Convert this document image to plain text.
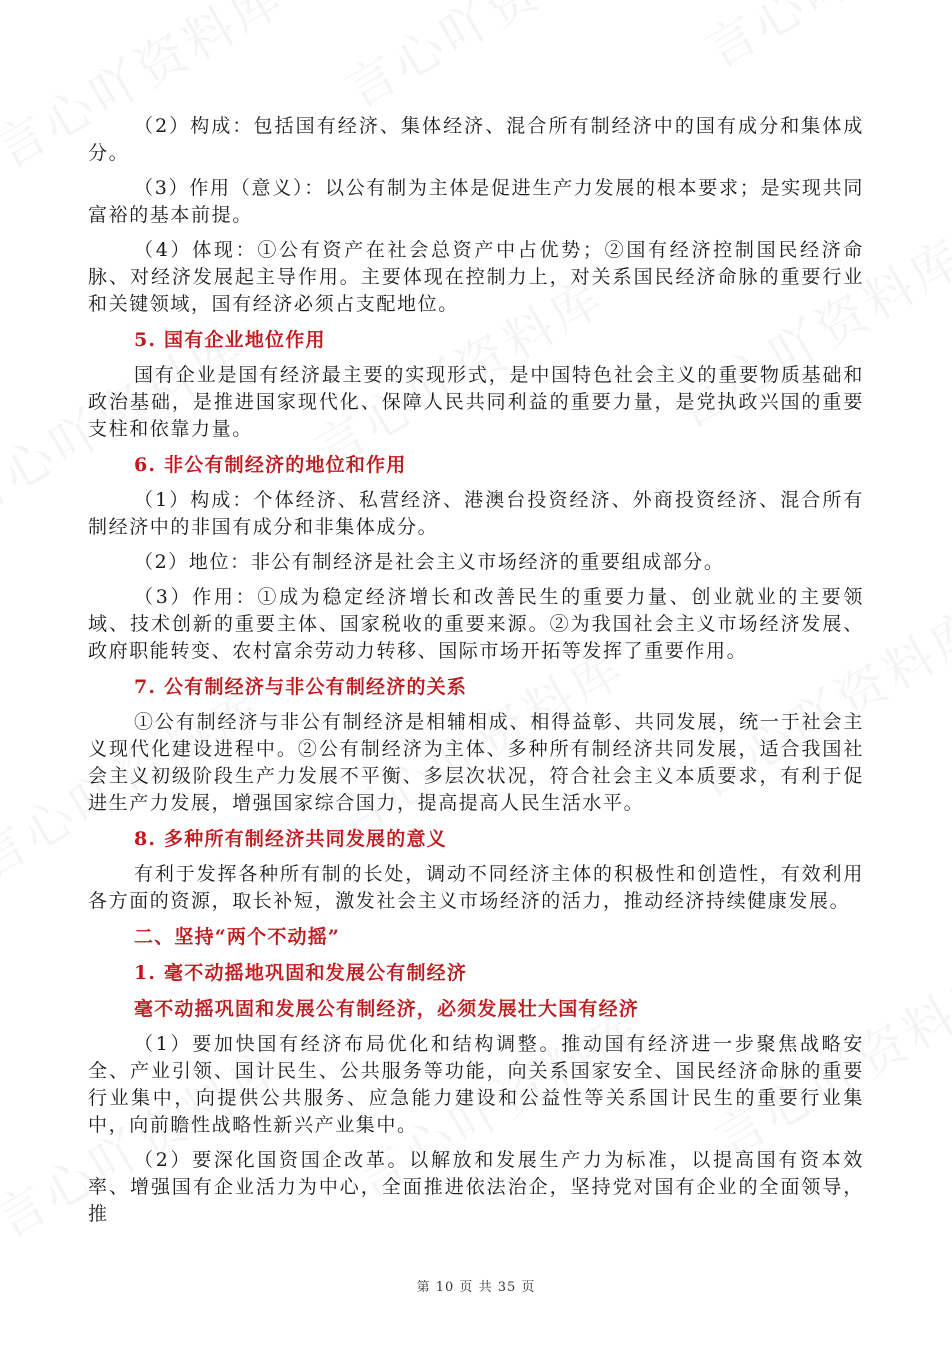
（2）构成：包括国有经济、集体经济、混合所有制经济中的国有成分和集体成分。

（3）作用（意义）：以公有制为主体是促进生产力发展的根本要求；是实现共同富裕的基本前提。

（4）体现：①公有资产在社会总资产中占优势；②国有经济控制国民经济命脉、对经济发展起主导作用。主要体现在控制力上，对关系国民经济命脉的重要行业和关键领域，国有经济必须占支配地位。

5. 国有企业地位作用

国有企业是国有经济最主要的实现形式，是中国特色社会主义的重要物质基础和政治基础，是推进国家现代化、保障人民共同利益的重要力量，是党执政兴国的重要支柱和依靠力量。

6. 非公有制经济的地位和作用

（1）构成：个体经济、私营经济、港澳台投资经济、外商投资经济、混合所有制经济中的非国有成分和非集体成分。

（2）地位：非公有制经济是社会主义市场经济的重要组成部分。

（3）作用：①成为稳定经济增长和改善民生的重要力量、创业就业的主要领域、技术创新的重要主体、国家税收的重要来源。②为我国社会主义市场经济发展、政府职能转变、农村富余劳动力转移、国际市场开拓等发挥了重要作用。

7. 公有制经济与非公有制经济的关系

①公有制经济与非公有制经济是相辅相成、相得益彰、共同发展，统一于社会主义现代化建设进程中。②公有制经济为主体、多种所有制经济共同发展，适合我国社会主义初级阶段生产力发展不平衡、多层次状况，符合社会主义本质要求，有利于促进生产力发展，增强国家综合国力，提高提高人民生活水平。

8. 多种所有制经济共同发展的意义

有利于发挥各种所有制的长处，调动不同经济主体的积极性和创造性，有效利用各方面的资源，取长补短，激发社会主义市场经济的活力，推动经济持续健康发展。

二、坚持“两个不动摇”
1. 毫不动摇地巩固和发展公有制经济
毫不动摇巩固和发展公有制经济，必须发展壮大国有经济

（1）要加快国有经济布局优化和结构调整。推动国有经济进一步聚焦战略安全、产业引领、国计民生、公共服务等功能，向关系国家安全、国民经济命脉的重要行业集中，向提供公共服务、应急能力建设和公益性等关系国计民生的重要行业集中，向前瞻性战略性新兴产业集中。

（2）要深化国资国企改革。以解放和发展生产力为标准，以提高国有资本效率、增强国有企业活力为中心，全面推进依法治企，坚持党对国有企业的全面领导，推

第 10 页 共 35 页
